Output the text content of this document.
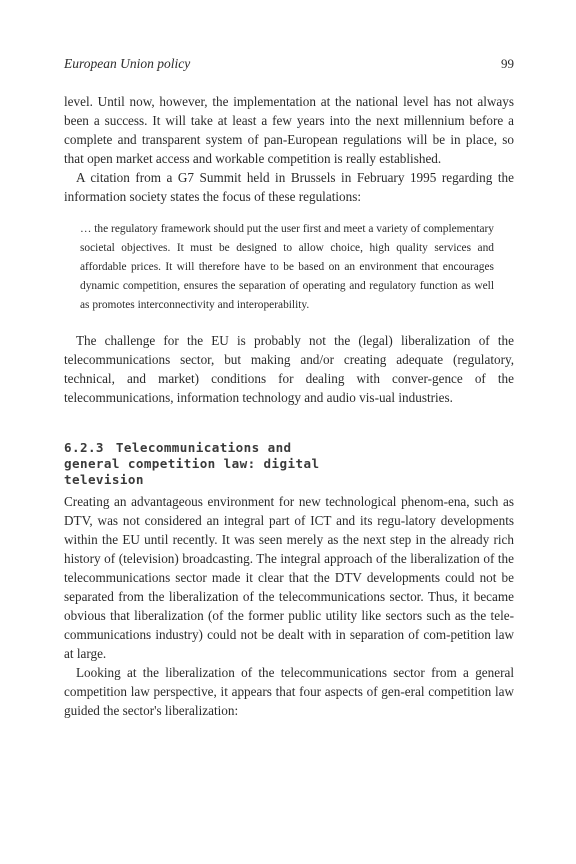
European Union policy	99

level. Until now, however, the implementation at the national level has not always been a success. It will take at least a few years into the next millennium before a complete and transparent system of pan-European regulations will be in place, so that open market access and workable competition is really established.

A citation from a G7 Summit held in Brussels in February 1995 regarding the information society states the focus of these regulations:

… the regulatory framework should put the user first and meet a variety of complementary societal objectives. It must be designed to allow choice, high quality services and affordable prices. It will therefore have to be based on an environment that encourages dynamic competition, ensures the separation of operating and regulatory function as well as promotes interconnectivity and interoperability.

The challenge for the EU is probably not the (legal) liberalization of the telecommunications sector, but making and/or creating adequate (regulatory, technical, and market) conditions for dealing with conver-gence of the telecommunications, information technology and audio vis-ual industries.

6.2.3 Telecommunications and
general competition law: digital
television

Creating an advantageous environment for new technological phenom-ena, such as DTV, was not considered an integral part of ICT and its regu-latory developments within the EU until recently. It was seen merely as the next step in the already rich history of (television) broadcasting. The integral approach of the liberalization of the telecommunications sector made it clear that the DTV developments could not be separated from the liberalization of the telecommunications sector. Thus, it became obvious that liberalization (of the former public utility like sectors such as the tele-communications industry) could not be dealt with in separation of com-petition law at large.

Looking at the liberalization of the telecommunications sector from a general competition law perspective, it appears that four aspects of gen-eral competition law guided the sector's liberalization:
